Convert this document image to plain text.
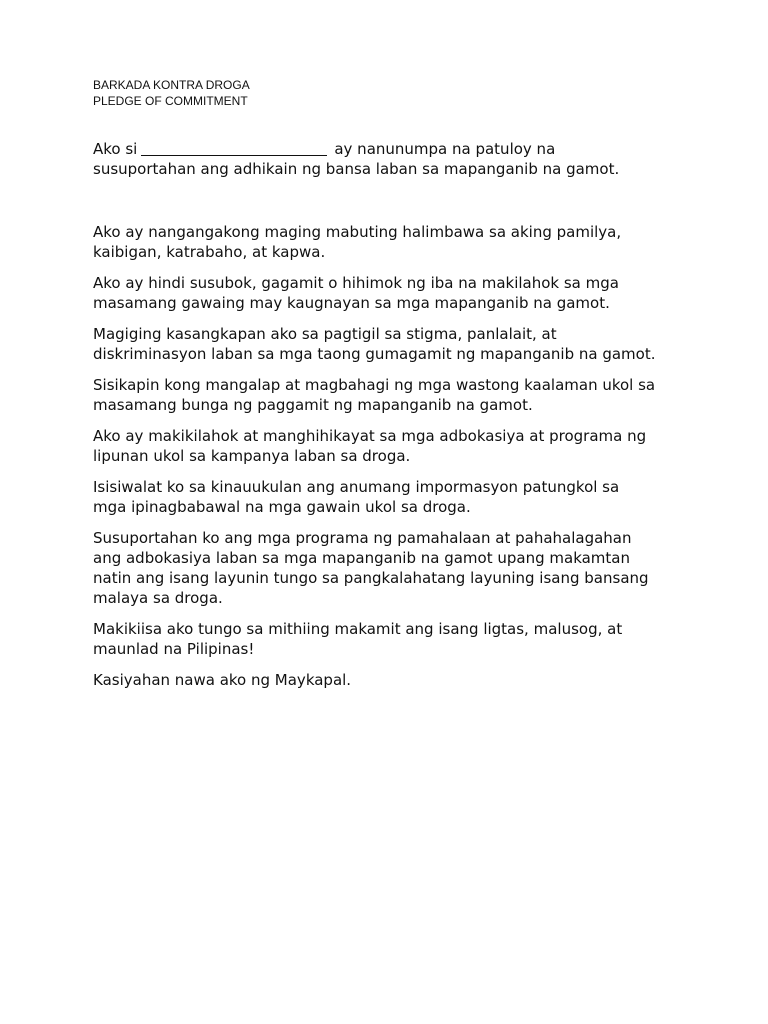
BARKADA KONTRA DROGA
PLEDGE OF COMMITMENT

Ako si	ay nanunumpa na patuloy na
susuportahan ang adhikain ng bansa laban sa mapanganib na gamot.

Ako ay nangangakong maging mabuting halimbawa sa aking pamilya,
kaibigan, katrabaho, at kapwa.

Ako ay hindi susubok, gagamit o hihimok ng iba na makilahok sa mga
masamang gawaing may kaugnayan sa mga mapanganib na gamot.

Magiging kasangkapan ako sa pagtigil sa stigma, panlalait, at
diskriminasyon laban sa mga taong gumagamit ng mapanganib na gamot.

Sisikapin kong mangalap at magbahagi ng mga wastong kaalaman ukol sa
masamang bunga ng paggamit ng mapanganib na gamot.

Ako ay makikilahok at manghihikayat sa mga adbokasiya at programa ng
lipunan ukol sa kampanya laban sa droga.

Isisiwalat ko sa kinauukulan ang anumang impormasyon patungkol sa
mga ipinagbabawal na mga gawain ukol sa droga.

Susuportahan ko ang mga programa ng pamahalaan at pahahalagahan
ang adbokasiya laban sa mga mapanganib na gamot upang makamtan
natin ang isang layunin tungo sa pangkalahatang layuning isang bansang
malaya sa droga.

Makikiisa ako tungo sa mithiing makamit ang isang ligtas, malusog, at
maunlad na Pilipinas!

Kasiyahan nawa ako ng Maykapal.
